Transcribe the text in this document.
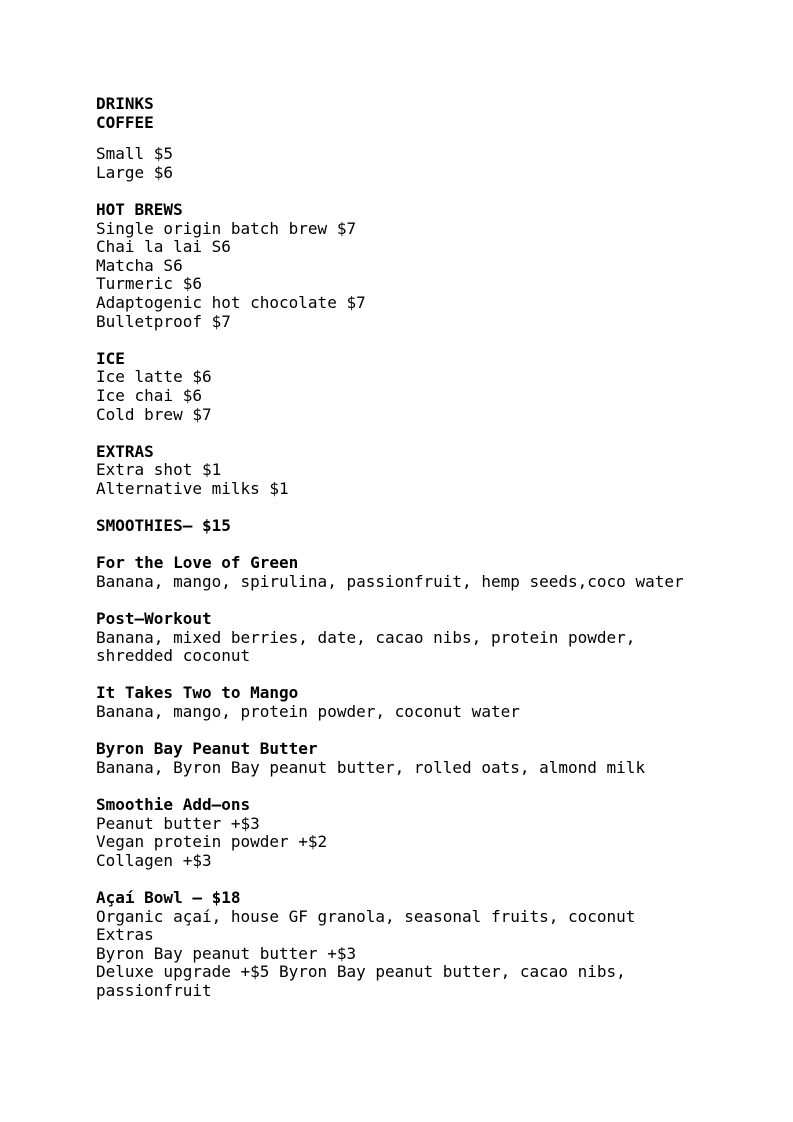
DRINKS
COFFEE
Small $5
Large $6
HOT BREWS
Single origin batch brew $7
Chai la lai S6
Matcha S6
Turmeric $6
Adaptogenic hot chocolate $7
Bulletproof $7
ICE
Ice latte $6
Ice chai $6
Cold brew $7
EXTRAS
Extra shot $1
Alternative milks $1
SMOOTHIES– $15
For the Love of Green
Banana, mango, spirulina, passionfruit, hemp seeds,coco water
Post–Workout
Banana, mixed berries, date, cacao nibs, protein powder,
shredded coconut
It Takes Two to Mango
Banana, mango, protein powder, coconut water
Byron Bay Peanut Butter
Banana, Byron Bay peanut butter, rolled oats, almond milk
Smoothie Add–ons
Peanut butter +$3
Vegan protein powder +$2
Collagen +$3
Açaí Bowl – $18
Organic açaí, house GF granola, seasonal fruits, coconut
Extras
Byron Bay peanut butter +$3
Deluxe upgrade +$5 Byron Bay peanut butter, cacao nibs,
passionfruit
